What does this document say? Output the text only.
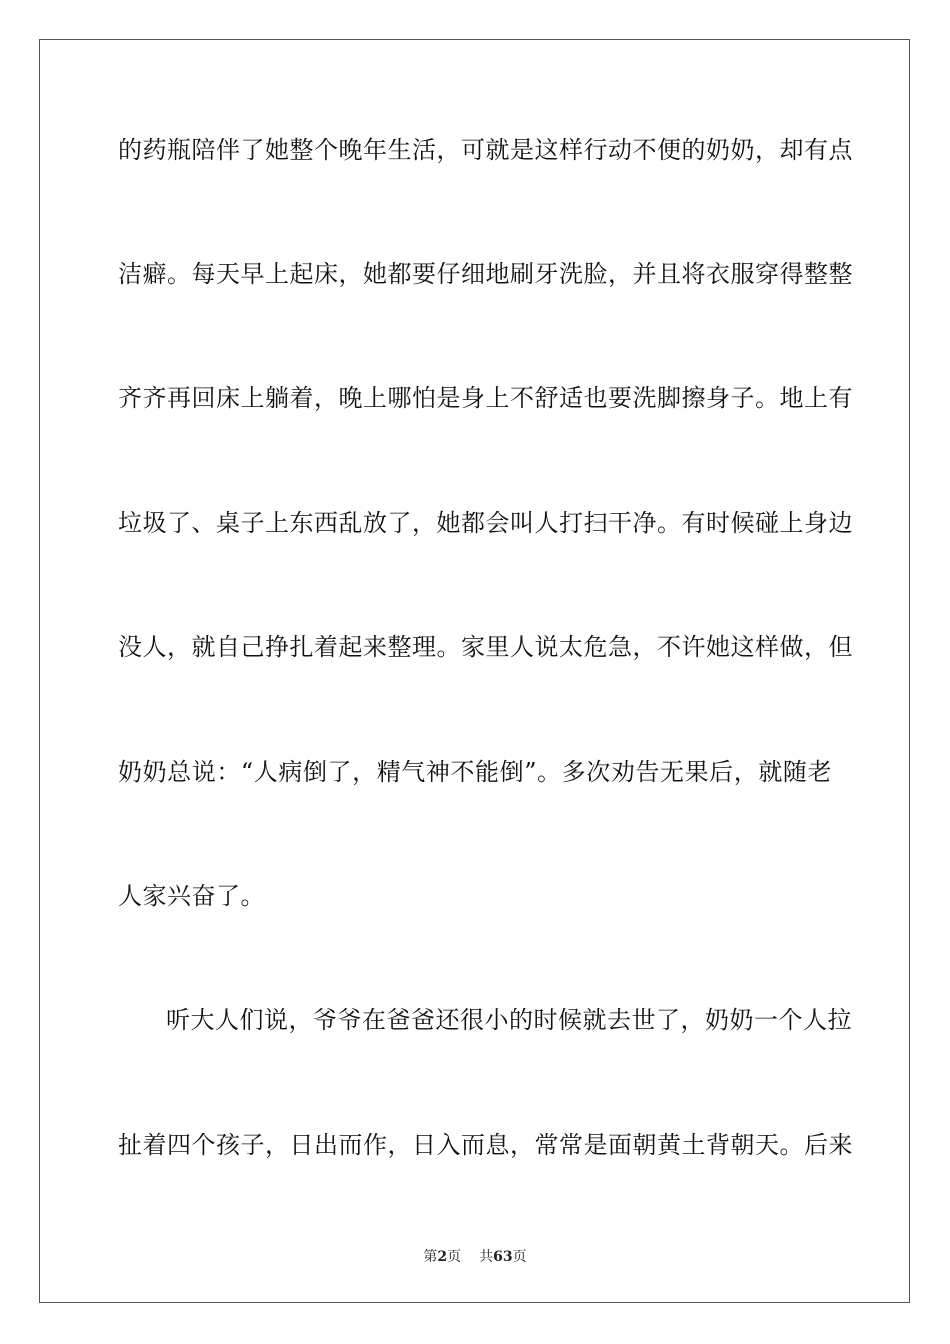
的药瓶陪伴了她整个晚年生活，可就是这样行动不便的奶奶，却有点
洁癖。每天早上起床，她都要仔细地刷牙洗脸，并且将衣服穿得整整
齐齐再回床上躺着，晚上哪怕是身上不舒适也要洗脚擦身子。地上有
垃圾了、桌子上东西乱放了，她都会叫人打扫干净。有时候碰上身边
没人，就自己挣扎着起来整理。家里人说太危急，不许她这样做，但
奶奶总说：“人病倒了，精气神不能倒”。多次劝告无果后，就随老
人家兴奋了。
听大人们说，爷爷在爸爸还很小的时候就去世了，奶奶一个人拉
扯着四个孩子，日出而作，日入而息，常常是面朝黄土背朝天。后来
第2页 共63页
